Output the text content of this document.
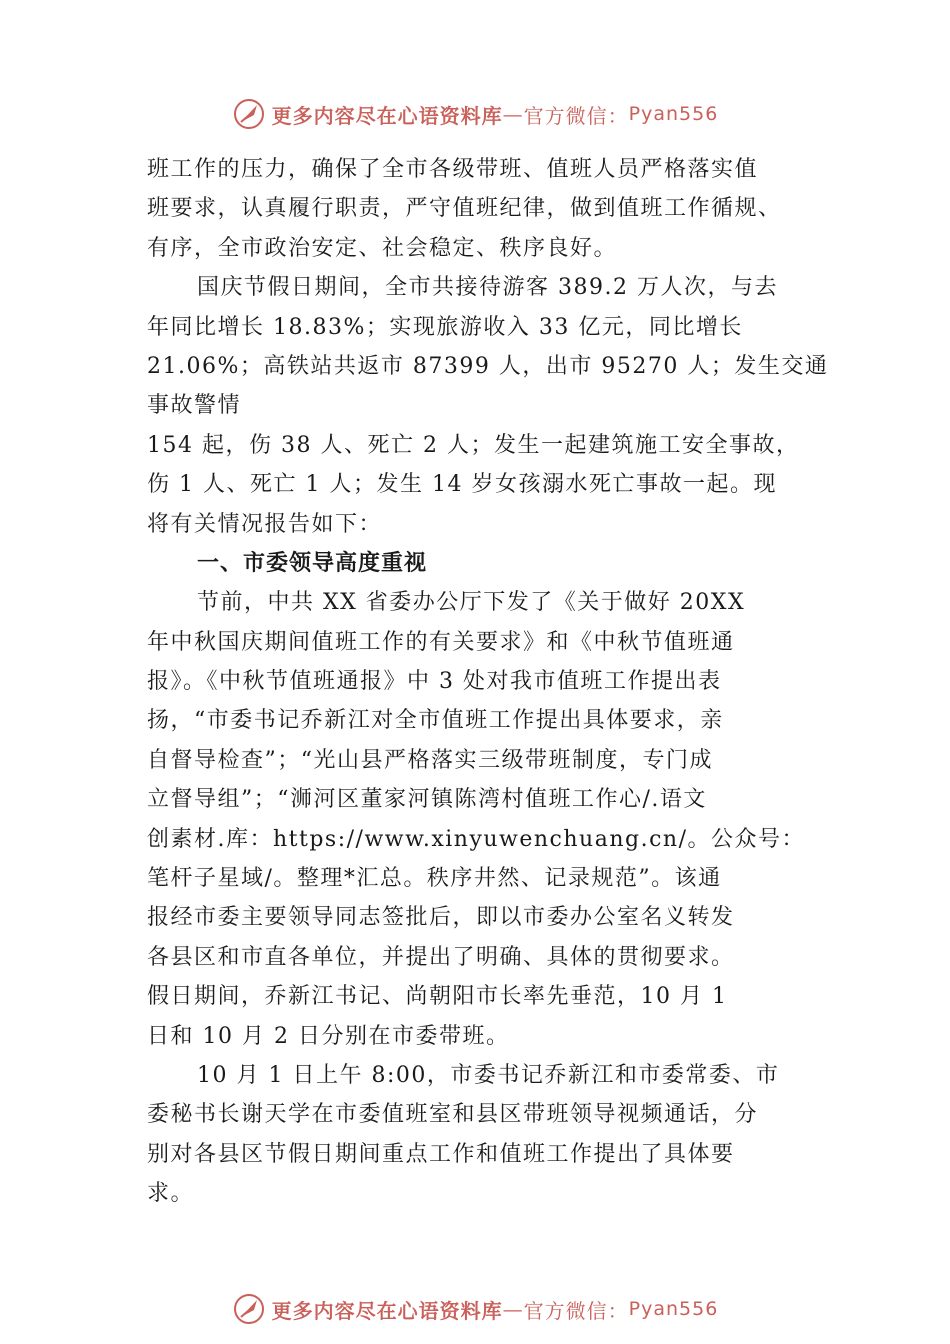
更多内容尽在心语资料库 — 官方微信： Pyan556
班工作的压力，确保了全市各级带班、值班人员严格落实值
班要求，认真履行职责，严守值班纪律，做到值班工作循规、
有序，全市政治安定、社会稳定、秩序良好。
国庆节假日期间，全市共接待游客 389.2 万人次，与去
年同比增长 18.83%；实现旅游收入 33 亿元，同比增长
21.06%；高铁站共返市 87399 人，出市 95270 人；发生交通
事故警情
154 起，伤 38 人、死亡 2 人；发生一起建筑施工安全事故，
伤 1 人、死亡 1 人；发生 14 岁女孩溺水死亡事故一起。现
将有关情况报告如下：
一、市委领导高度重视
节前，中共 XX 省委办公厅下发了《关于做好 20XX
年中秋国庆期间值班工作的有关要求》和《中秋节值班通
报》。《中秋节值班通报》中 3 处对我市值班工作提出表
扬，“市委书记乔新江对全市值班工作提出具体要求，亲
自督导检查”；“光山县严格落实三级带班制度，专门成
立督导组”；“浉河区董家河镇陈湾村值班工作心/.语文
创素材.库：https://www.xinyuwenchuang.cn/。公众号：
笔杆子星域/。整理*汇总。秩序井然、记录规范”。该通
报经市委主要领导同志签批后，即以市委办公室名义转发
各县区和市直各单位，并提出了明确、具体的贯彻要求。
假日期间，乔新江书记、尚朝阳市长率先垂范，10 月 1
日和 10 月 2 日分别在市委带班。
10 月 1 日上午 8:00，市委书记乔新江和市委常委、市
委秘书长谢天学在市委值班室和县区带班领导视频通话，分
别对各县区节假日期间重点工作和值班工作提出了具体要
求。
更多内容尽在心语资料库 — 官方微信： Pyan556
